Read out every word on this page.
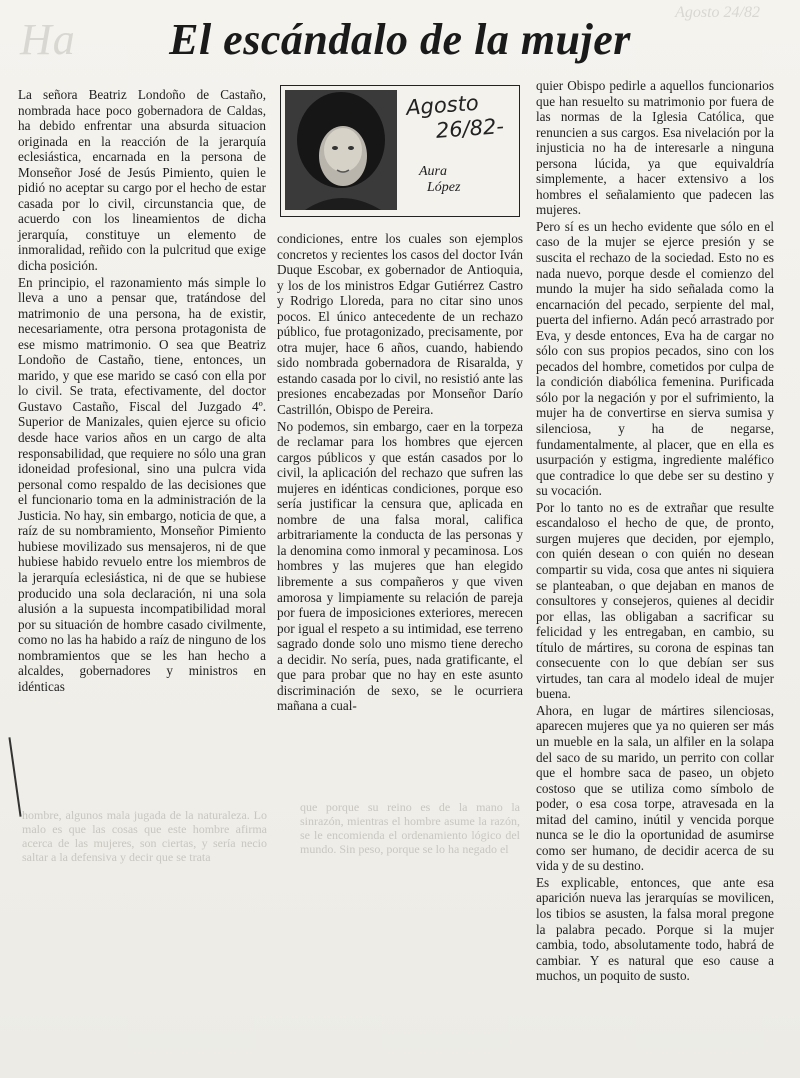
Ha
Agosto 24/82
El escándalo de la mujer

La señora Beatriz Londoño de Castaño, nombrada hace poco gobernadora de Caldas, ha debido enfrentar una absurda situacion originada en la reacción de la jerarquía eclesiástica, encarnada en la persona de Monseñor José de Jesús Pimiento, quien le pidió no aceptar su cargo por el hecho de estar casada por lo civil, circunstancia que, de acuerdo con los lineamientos de dicha jerarquía, constituye un elemento de inmoralidad, reñido con la pulcritud que exige dicha posición.

En principio, el razonamiento más simple lo lleva a uno a pensar que, tratándose del matrimonio de una persona, ha de existir, necesariamente, otra persona protagonista de ese mismo matrimonio. O sea que Beatriz Londoño de Castaño, tiene, entonces, un marido, y que ese marido se casó con ella por lo civil. Se trata, efectivamente, del doctor Gustavo Castaño, Fiscal del Juzgado 4º. Superior de Manizales, quien ejerce su oficio desde hace varios años en un cargo de alta responsabilidad, que requiere no sólo una gran idoneidad profesional, sino una pulcra vida personal como respaldo de las decisiones que el funcionario toma en la administración de la Justicia. No hay, sin embargo, noticia de que, a raíz de su nombramiento, Monseñor Pimiento hubiese movilizado sus mensajeros, ni de que hubiese habido revuelo entre los miembros de la jerarquía eclesiástica, ni de que se hubiese producido una sola declaración, ni una sola alusión a la supuesta incompatibilidad moral por su situación de hombre casado civilmente, como no las ha habido a raíz de ninguno de los nombramientos que se les han hecho a alcaldes, gobernadores y ministros en idénticas

Agosto
26/82-
Aura
López

condiciones, entre los cuales son ejemplos concretos y recientes los casos del doctor Iván Duque Escobar, ex gobernador de Antioquia, y los de los ministros Edgar Gutiérrez Castro y Rodrigo Lloreda, para no citar sino unos pocos. El único antecedente de un rechazo público, fue protagonizado, precisamente, por otra mujer, hace 6 años, cuando, habiendo sido nombrada gobernadora de Risaralda, y estando casada por lo civil, no resistió ante las presiones encabezadas por Monseñor Darío Castrillón, Obispo de Pereira.

No podemos, sin embargo, caer en la torpeza de reclamar para los hombres que ejercen cargos públicos y que están casados por lo civil, la aplicación del rechazo que sufren las mujeres en idénticas condiciones, porque eso sería justificar la censura que, aplicada en nombre de una falsa moral, califica arbitrariamente la conducta de las personas y la denomina como inmoral y pecaminosa. Los hombres y las mujeres que han elegido libremente a sus compañeros y que viven amorosa y limpiamente su relación de pareja por fuera de imposiciones exteriores, merecen por igual el respeto a su intimidad, ese terreno sagrado donde solo uno mismo tiene derecho a decidir. No sería, pues, nada gratificante, el que para probar que no hay en este asunto discriminación de sexo, se le ocurriera mañana a cual-

quier Obispo pedirle a aquellos funcionarios que han resuelto su matrimonio por fuera de las normas de la Iglesia Católica, que renuncien a sus cargos. Esa nivelación por la injusticia no ha de interesarle a ninguna persona lúcida, ya que equivaldría simplemente, a hacer extensivo a los hombres el señalamiento que padecen las mujeres.

Pero sí es un hecho evidente que sólo en el caso de la mujer se ejerce presión y se suscita el rechazo de la sociedad. Esto no es nada nuevo, porque desde el comienzo del mundo la mujer ha sido señalada como la encarnación del pecado, serpiente del mal, puerta del infierno. Adán pecó arrastrado por Eva, y desde entonces, Eva ha de cargar no sólo con sus propios pecados, sino con los pecados del hombre, cometidos por culpa de la condición diabólica femenina. Purificada sólo por la negación y por el sufrimiento, la mujer ha de convertirse en sierva sumisa y silenciosa, y ha de negarse, fundamentalmente, al placer, que en ella es usurpación y estigma, ingrediente maléfico que contradice lo que debe ser su destino y su vocación.

Por lo tanto no es de extrañar que resulte escandaloso el hecho de que, de pronto, surgen mujeres que deciden, por ejemplo, con quién desean o con quién no desean compartir su vida, cosa que antes ni siquiera se planteaban, o que dejaban en manos de consultores y consejeros, quienes al decidir por ellas, las obligaban a sacrificar su felicidad y les entregaban, en cambio, su título de mártires, su corona de espinas tan consecuente con lo que debían ser sus virtudes, tan cara al modelo ideal de mujer buena.

Ahora, en lugar de mártires silenciosas, aparecen mujeres que ya no quieren ser más un mueble en la sala, un alfiler en la solapa del saco de su marido, un perrito con collar que el hombre saca de paseo, un objeto costoso que se utiliza como símbolo de poder, o esa cosa torpe, atravesada en la mitad del camino, inútil y vencida porque nunca se le dio la oportunidad de asumirse como ser humano, de decidir acerca de su vida y de su destino.

Es explicable, entonces, que ante esa aparición nueva las jerarquías se movilicen, los tibios se asusten, la falsa moral pregone la palabra pecado. Porque si la mujer cambia, todo, absolutamente todo, habrá de cambiar. Y es natural que eso cause a muchos, un poquito de susto.

hombre, algunos mala jugada de la naturaleza. Lo malo es que las cosas que este hombre afirma acerca de las mujeres, son ciertas, y sería necio saltar a la defensiva y decir que se trata
que porque su reino es de la mano la sinrazón, mientras el hombre asume la razón, se le encomienda el ordenamiento lógico del mundo. Sin peso, porque se lo ha negado el
